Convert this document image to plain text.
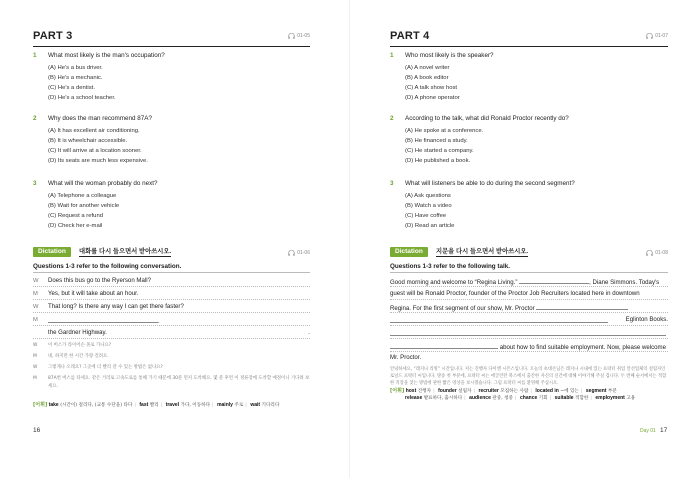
PART 3	01-05
1 What most likely is the man's occupation?
(A) He's a bus driver.
(B) He's a mechanic.
(C) He's a dentist.
(D) He's a school teacher.
2 Why does the man recommend 87A?
(A) It has excellent air conditioning.
(B) It is wheelchair accessible.
(C) It will arrive at a location sooner.
(D) Its seats are much less expensive.
3 What will the woman probably do next?
(A) Telephone a colleague
(B) Wait for another vehicle
(C) Request a refund
(D) Check her e-mail
Dictation	대화를 다시 들으면서 받아쓰시오.	01-06
Questions 1-3 refer to the following conversation.
W Does this bus go to the Ryerson Mall?
M Yes, but it will take about an hour.
W That long? Is there any way I can get there faster?
M	.
the Gardner Highway.	.
W 이 버스가 라이어슨 몰로 가나요?
M	네, 하지만 한 시간 가량 걸려요.
W 그렇게나 오래요? 그곳에 더 빨리 갈 수 있는 방법은 없나요?
M	87A번 버스를 타세요. 같은 거리로 고속도로를 통해 가기 때문에 30분 먼저 도착해요. 몇 분 후면 이 정류장에 도착할 예정이니 기다려 보세요.
[어휘] take (시간이) 걸리다, (교통 수단을) 타다 | fast 빨리 | travel 가다, 이동하다 | mainly 주로 | wait 기다리다
16
PART 4	01-07
1 Who most likely is the speaker?
(A) A novel writer
(B) A book editor
(C) A talk show host
(D) A phone operator
2 According to the talk, what did Ronald Proctor recently do?
(A) He spoke at a conference.
(B) He financed a study.
(C) He started a company.
(D) He published a book.
3 What will listeners be able to do during the second segment?
(A) Ask questions
(B) Watch a video
(C) Have coffee
(D) Read an article
Dictation	지문을 다시 들으면서 받아쓰시오.	01-08
Questions 1-3 refer to the following talk.
Good morning and welcome to “Regina Living.”	, Diane Simmons. Today's
guest will be Ronald Proctor, founder of the Proctor Job Recruiters located here in downtown
Regina. For the first segment of our show, Mr. Proctor
Eglinton Books.
about how to find suitable employment. Now, please welcome
Mr. Proctor.
안녕하세요, “레지나 리빙” 시간입니다. 저는 진행자 다이앤 시몬스입니다. 오늘의 초대손님은 레지나 시내에 있는 프락터 취업 알선업체의 설립자인 로널드 프락터 씨입니다. 방송 첫 부분에, 프락터 씨는 에글린턴 북스에서 출간한 자신의 신간에 대해 이야기해 주실 겁니다. 두 번째 순서에서는 적합한 직장을 찾는 방법에 관한 짧은 영상을 보시겠습니다. 그럼 프락터 씨를 환영해 주십시오.
[어휘] host 진행자 | founder 설립자 | recruiter 모집하는 사람 | located in ~에 있는 | segment 부분
release 발표하다, 출시하다 | audience 관중, 청중 | chance 기회 | suitable 적합한 | employment 고용
Day 01 17
